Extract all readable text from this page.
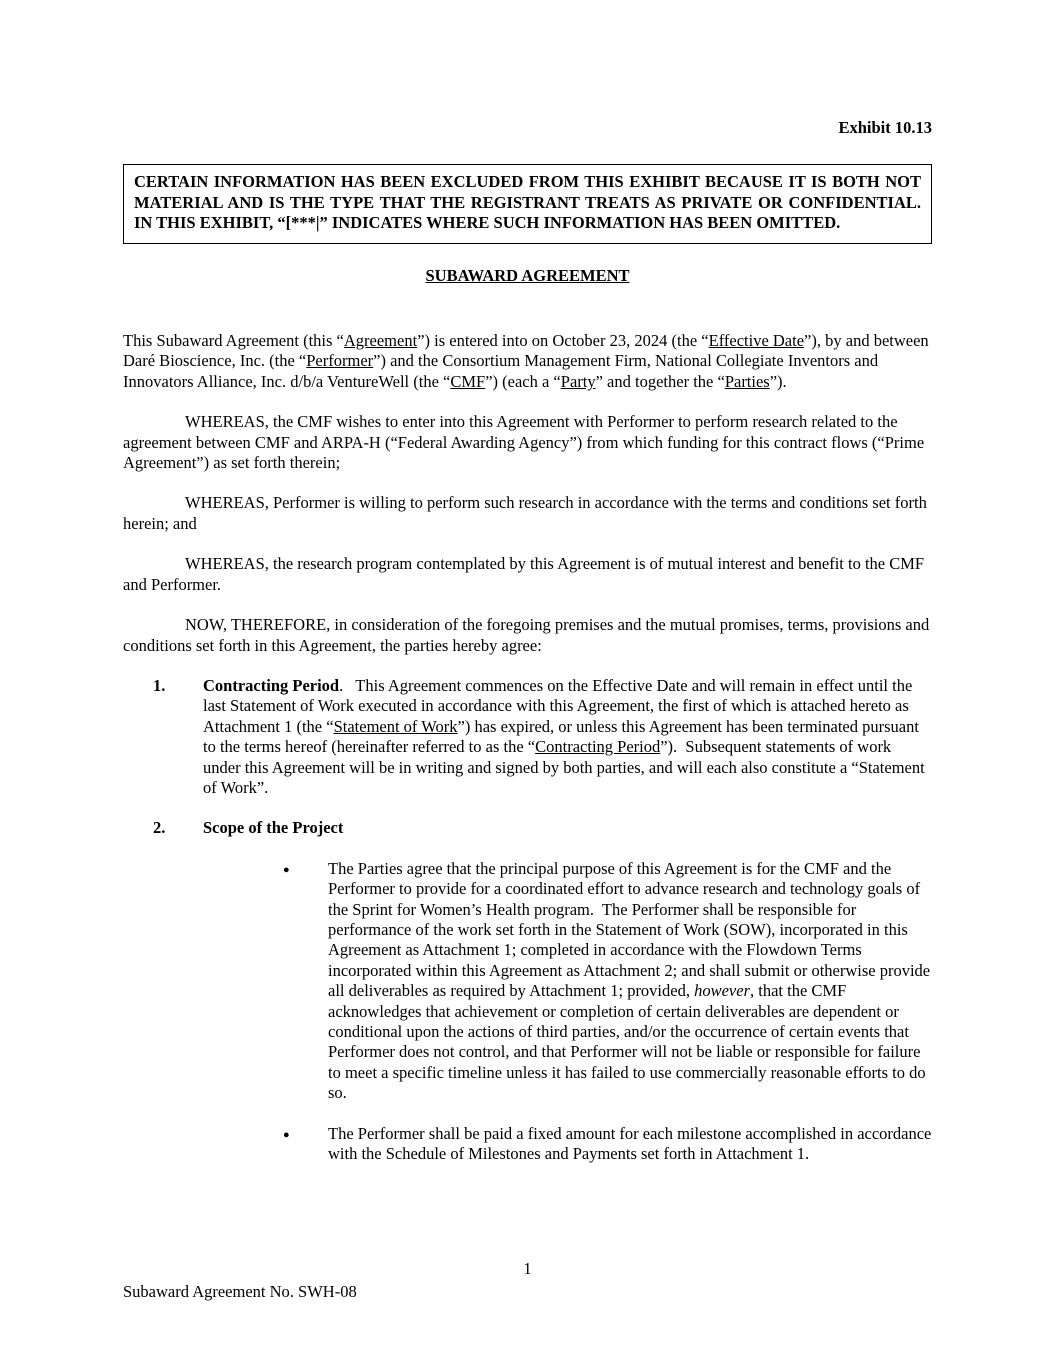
Exhibit 10.13
CERTAIN INFORMATION HAS BEEN EXCLUDED FROM THIS EXHIBIT BECAUSE IT IS BOTH NOT MATERIAL AND IS THE TYPE THAT THE REGISTRANT TREATS AS PRIVATE OR CONFIDENTIAL. IN THIS EXHIBIT, “[***|” INDICATES WHERE SUCH INFORMATION HAS BEEN OMITTED.
SUBAWARD AGREEMENT
This Subaward Agreement (this “Agreement”) is entered into on October 23, 2024 (the “Effective Date”), by and between Daré Bioscience, Inc. (the “Performer”) and the Consortium Management Firm, National Collegiate Inventors and Innovators Alliance, Inc. d/b/a VentureWell (the “CMF”) (each a “Party” and together the “Parties”).
WHEREAS, the CMF wishes to enter into this Agreement with Performer to perform research related to the agreement between CMF and ARPA-H (“Federal Awarding Agency”) from which funding for this contract flows (“Prime Agreement”) as set forth therein;
WHEREAS, Performer is willing to perform such research in accordance with the terms and conditions set forth herein; and
WHEREAS, the research program contemplated by this Agreement is of mutual interest and benefit to the CMF and Performer.
NOW, THEREFORE, in consideration of the foregoing premises and the mutual promises, terms, provisions and conditions set forth in this Agreement, the parties hereby agree:
1.	Contracting Period.   This Agreement commences on the Effective Date and will remain in effect until the last Statement of Work executed in accordance with this Agreement, the first of which is attached hereto as Attachment 1 (the “Statement of Work”) has expired, or unless this Agreement has been terminated pursuant to the terms hereof (hereinafter referred to as the “Contracting Period”).  Subsequent statements of work under this Agreement will be in writing and signed by both parties, and will each also constitute a “Statement of Work”.
2.	Scope of the Project
●	The Parties agree that the principal purpose of this Agreement is for the CMF and the Performer to provide for a coordinated effort to advance research and technology goals of the Sprint for Women’s Health program.  The Performer shall be responsible for performance of the work set forth in the Statement of Work (SOW), incorporated in this Agreement as Attachment 1; completed in accordance with the Flowdown Terms incorporated within this Agreement as Attachment 2; and shall submit or otherwise provide all deliverables as required by Attachment 1; provided, however, that the CMF acknowledges that achievement or completion of certain deliverables are dependent or conditional upon the actions of third parties, and/or the occurrence of certain events that Performer does not control, and that Performer will not be liable or responsible for failure to meet a specific timeline unless it has failed to use commercially reasonable efforts to do so.
●	The Performer shall be paid a fixed amount for each milestone accomplished in accordance with the Schedule of Milestones and Payments set forth in Attachment 1.
1
Subaward Agreement No. SWH-08
